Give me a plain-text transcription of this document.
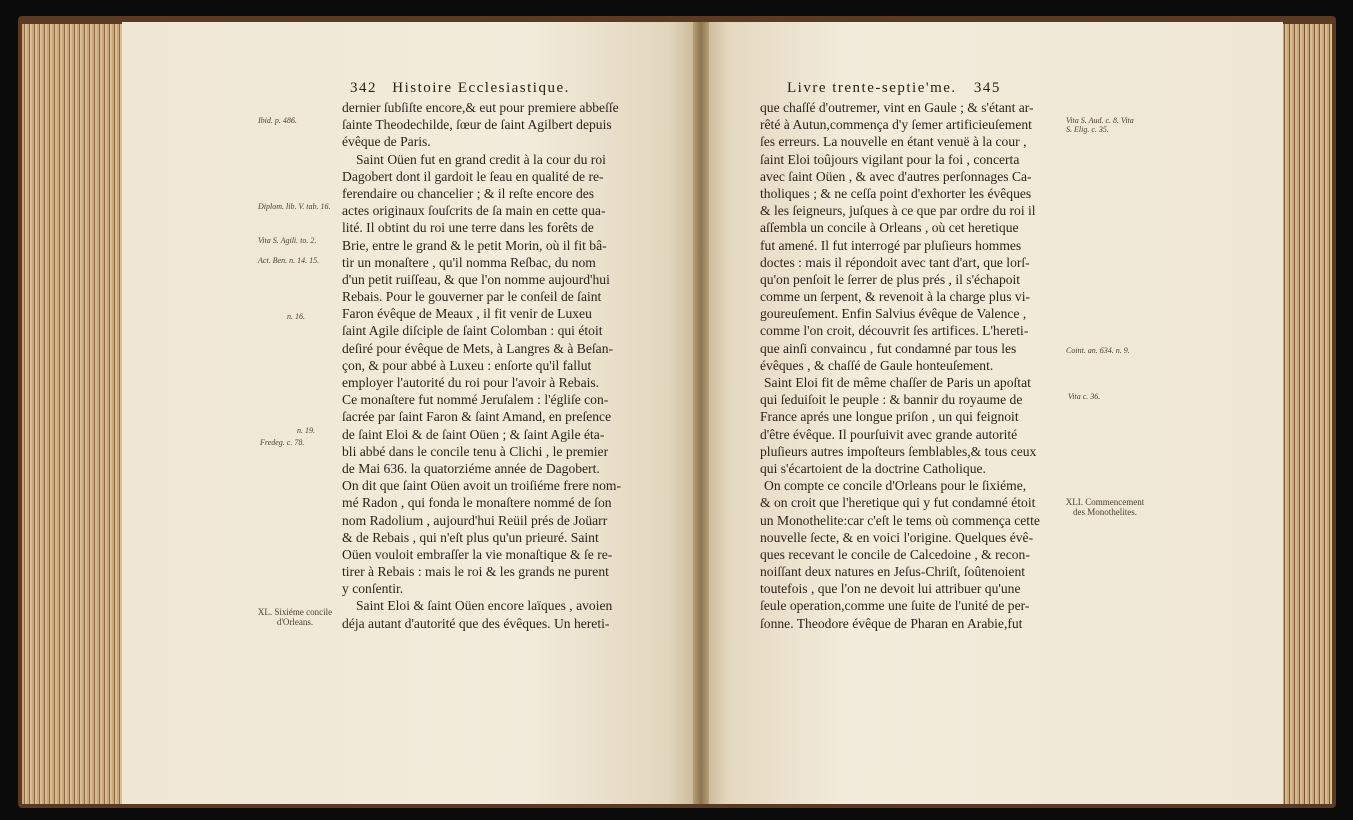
342 Histoire Ecclesiastique.	Livre trente-septie'me. 345
dernier ſubſiſte encore,& eut pour premiere abbeſſe
ſainte Theodechilde, ſœur de ſaint Agilbert depuis
évêque de Paris.
Saint Oüen fut en grand credit à la cour du roi
Dagobert dont il gardoit le ſeau en qualité de re-
ferendaire ou chancelier ; & il reſte encore des
actes originaux ſouſcrits de ſa main en cette qua-
lité. Il obtint du roi une terre dans les forêts de
Brie, entre le grand & le petit Morin, où il fit bâ-
tir un monaſtere , qu'il nomma Reſbac, du nom
d'un petit ruiſſeau, & que l'on nomme aujourd'hui
Rebais. Pour le gouverner par le conſeil de ſaint
Faron évêque de Meaux , il fit venir de Luxeu
ſaint Agile diſciple de ſaint Colomban : qui étoit
deſiré pour évêque de Mets, à Langres & à Beſan-
çon, & pour abbé à Luxeu : enſorte qu'il fallut
employer l'autorité du roi pour l'avoir à Rebais.
Ce monaſtere fut nommé Jeruſalem : l'égliſe con-
ſacrée par ſaint Faron & ſaint Amand, en preſence
de ſaint Eloi & de ſaint Oüen ; & ſaint Agile éta-
bli abbé dans le concile tenu à Clichi , le premier
de Mai 636. la quatorziéme année de Dagobert.
On dit que ſaint Oüen avoit un troiſiéme frere nom-
mé Radon , qui fonda le monaſtere nommé de ſon
nom Radolium , aujourd'hui Reüil prés de Joüarr
& de Rebais , qui n'eſt plus qu'un prieuré. Saint
Oüen vouloit embraſſer la vie monaſtique & ſe re-
tirer à Rebais : mais le roi & les grands ne purent
y conſentir.
Saint Eloi & ſaint Oüen encore laïques , avoien
déja autant d'autorité que des évêques. Un hereti-
Ibid. p. 486.
Diplom. lib. V. tab. 16.
Vita S. Agili. to. 2.
Act. Ben. n. 14. 15.
n. 16.
n. 19.
Fredeg. c. 78.
XL. Sixiéme concile d'Orleans.
que chaſſé d'outremer, vint en Gaule ; & s'étant ar-
rêté à Autun,commença d'y ſemer artificieuſement
ſes erreurs. La nouvelle en étant venuë à la cour ,
ſaint Eloi toûjours vigilant pour la foi , concerta
avec ſaint Oüen , & avec d'autres perſonnages Ca-
tholiques ; & ne ceſſa point d'exhorter les évêques
& les ſeigneurs, juſques à ce que par ordre du roi il
aſſembla un concile à Orleans , où cet heretique
fut amené. Il fut interrogé par pluſieurs hommes
doctes : mais il répondoit avec tant d'art, que lorſ-
qu'on penſoit le ſerrer de plus prés , il s'échapoit
comme un ſerpent, & revenoit à la charge plus vi-
goureuſement. Enfin Salvius évêque de Valence ,
comme l'on croit, découvrit ſes artifices. L'hereti-
que ainſi convaincu , fut condamné par tous les
évêques , & chaſſé de Gaule honteuſement.
Saint Eloi fit de même chaſſer de Paris un apoſtat
qui ſeduiſoit le peuple : & bannir du royaume de
France aprés une longue priſon , un qui feignoit
d'être évêque. Il pourſuivit avec grande autorité
pluſieurs autres impoſteurs ſemblables,& tous ceux
qui s'écartoient de la doctrine Catholique.
On compte ce concile d'Orleans pour le ſixiéme,
& on croit que l'heretique qui y fut condamné étoit
un Monothelite:car c'eſt le tems où commença cette
nouvelle ſecte, & en voici l'origine. Quelques évê-
ques recevant le concile de Calcedoine , & recon-
noiſſant deux natures en Jeſus-Chriſt, ſoûtenoient
toutefois , que l'on ne devoit lui attribuer qu'une
ſeule operation,comme une ſuite de l'unité de per-
ſonne. Theodore évêque de Pharan en Arabie,fut
Vita S. Aud. c. 8. Vita S. Elig. c. 35.
Coint. an. 634. n. 9.
Vita c. 36.
XLI. Commencement des Monothelites.
